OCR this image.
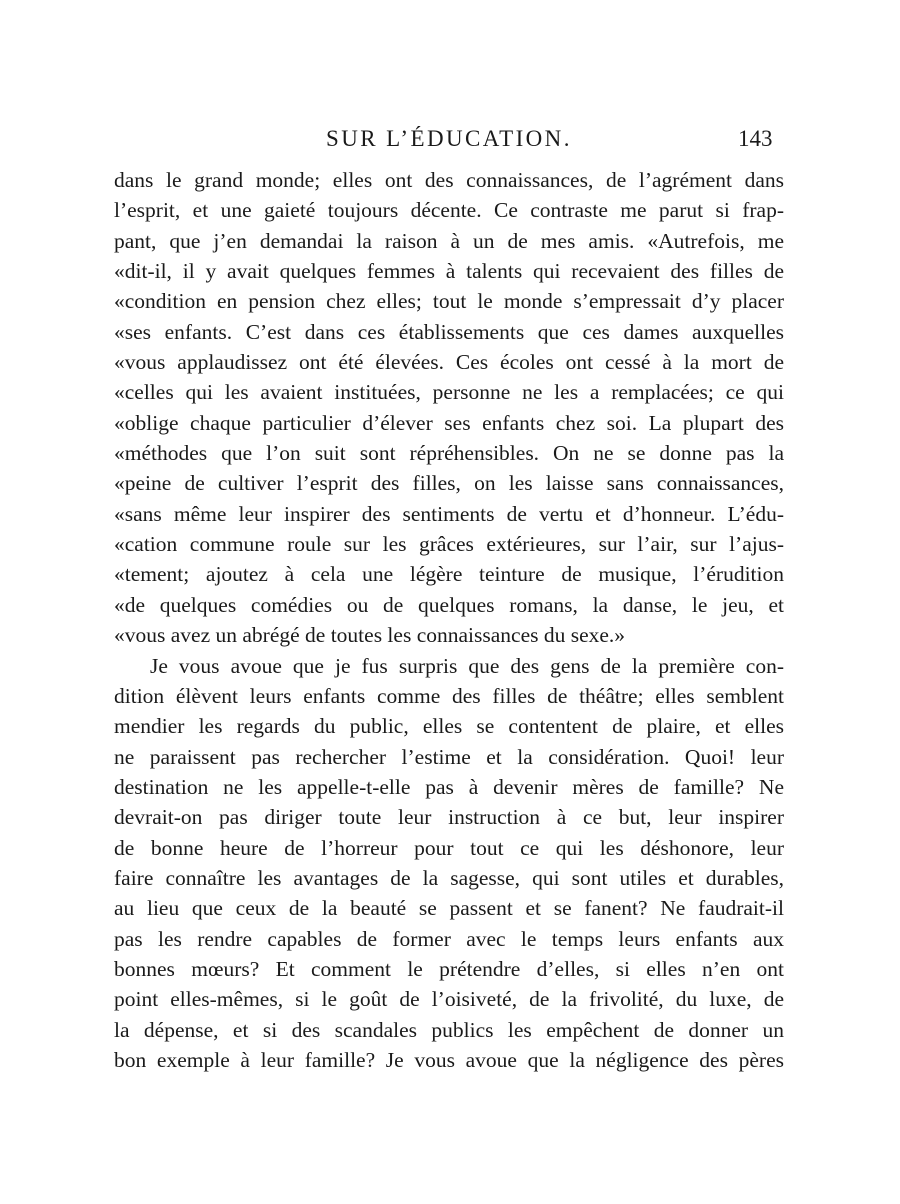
SUR L’ÉDUCATION.	143
dans le grand monde; elles ont des connaissances, de l’agrément dans
l’esprit, et une gaieté toujours décente. Ce contraste me parut si frap-
pant, que j’en demandai la raison à un de mes amis. «Autrefois, me
«dit-il, il y avait quelques femmes à talents qui recevaient des filles de
«condition en pension chez elles; tout le monde s’empressait d’y placer
«ses enfants. C’est dans ces établissements que ces dames auxquelles
«vous applaudissez ont été élevées. Ces écoles ont cessé à la mort de
«celles qui les avaient instituées, personne ne les a remplacées; ce qui
«oblige chaque particulier d’élever ses enfants chez soi. La plupart des
«méthodes que l’on suit sont répréhensibles. On ne se donne pas la
«peine de cultiver l’esprit des filles, on les laisse sans connaissances,
«sans même leur inspirer des sentiments de vertu et d’honneur. L’édu-
«cation commune roule sur les grâces extérieures, sur l’air, sur l’ajus-
«tement; ajoutez à cela une légère teinture de musique, l’érudition
«de quelques comédies ou de quelques romans, la danse, le jeu, et
«vous avez un abrégé de toutes les connaissances du sexe.»
Je vous avoue que je fus surpris que des gens de la première con-
dition élèvent leurs enfants comme des filles de théâtre; elles semblent
mendier les regards du public, elles se contentent de plaire, et elles
ne paraissent pas rechercher l’estime et la considération. Quoi! leur
destination ne les appelle-t-elle pas à devenir mères de famille? Ne
devrait-on pas diriger toute leur instruction à ce but, leur inspirer
de bonne heure de l’horreur pour tout ce qui les déshonore, leur
faire connaître les avantages de la sagesse, qui sont utiles et durables,
au lieu que ceux de la beauté se passent et se fanent? Ne faudrait-il
pas les rendre capables de former avec le temps leurs enfants aux
bonnes mœurs? Et comment le prétendre d’elles, si elles n’en ont
point elles-mêmes, si le goût de l’oisiveté, de la frivolité, du luxe, de
la dépense, et si des scandales publics les empêchent de donner un
bon exemple à leur famille? Je vous avoue que la négligence des pères
